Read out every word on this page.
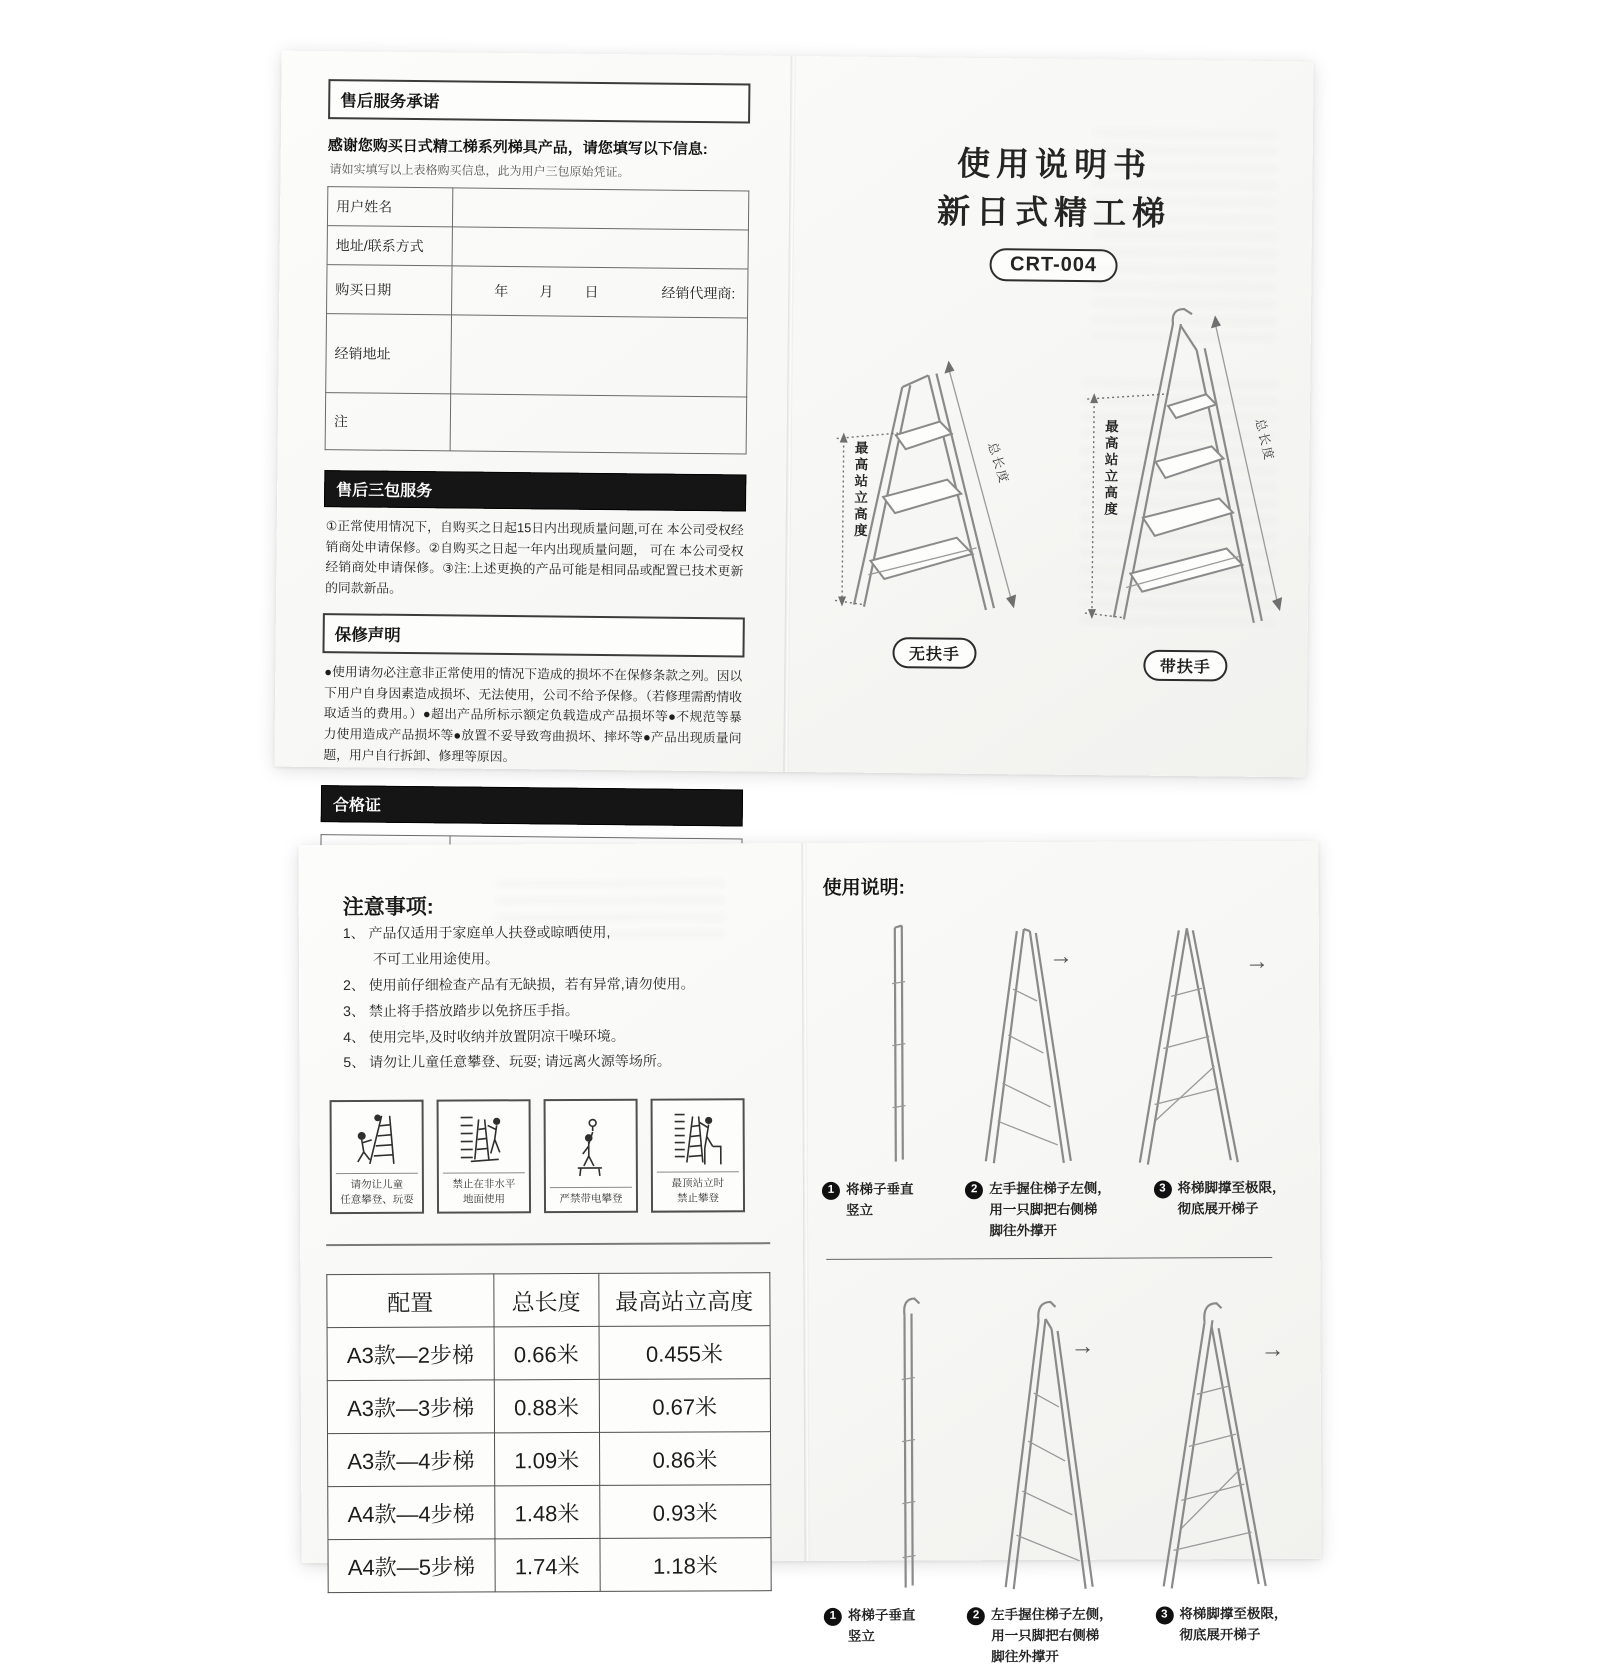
售后服务承诺
感谢您购买日式精工梯系列梯具产品，请您填写以下信息:
请如实填写以上表格购买信息，此为用户三包原始凭证。
用户姓名	
地址/联系方式	
购买日期	年        月        日 经销代理商:

经销地址	
注	
售后三包服务

①正常使用情况下，自购买之日起15日内出现质量问题,可在 本公司受权经销商处申请保修。②自购买之日起一年内出现质量问题， 可在 本公司受权经销商处申请保修。③注:上述更换的产品可能是相同品或配置已技术更新的同款新品。

保修声明

●使用请勿必注意非正常使用的情况下造成的损坏不在保修条款之列。因以下用户自身因素造成损坏、无法使用，公司不给予保修。（若修理需酌情收取适当的费用。）●超出产品所标示额定负载造成产品损坏等●不规范等暴力使用造成产品损坏等●放置不妥导致弯曲损坏、摔坏等●产品出现质量问题，用户自行拆卸、修理等原因。

合格证

使用说明书
新日式精工梯
CRT-004
最高站立高度	总长度
无扶手
最高站立高度	总长度
带扶手
注意事项:
1、 产品仅适用于家庭单人扶登或晾晒使用,
不可工业用途使用。
2、 使用前仔细检查产品有无缺损，若有异常,请勿使用。
3、 禁止将手搭放踏步以免挤压手指。
4、 使用完毕,及时收纳并放置阴凉干噪环境。
5、 请勿让儿童任意攀登、玩耍; 请远离火源等场所。
请勿让儿童
任意攀登、玩耍
禁止在非水平
地面使用	严禁带电攀登
最顶站立时
禁止攀登
配置	总长度	最高站立高度
A3款—2步梯	0.66米	0.455米
A3款—3步梯	0.88米	0.67米
A3款—4步梯	1.09米	0.86米
A4款—4步梯	1.48米	0.93米
A4款—5步梯	1.74米	1.18米
使用说明:
→	→
1 将梯子垂直
竖立
2 左手握住梯子左侧，
用一只脚把右侧梯
脚往外撑开
3 将梯脚撑至极限，
彻底展开梯子
→	→
1 将梯子垂直
竖立
2 左手握住梯子左侧，
用一只脚把右侧梯
脚往外撑开
3 将梯脚撑至极限，
彻底展开梯子
